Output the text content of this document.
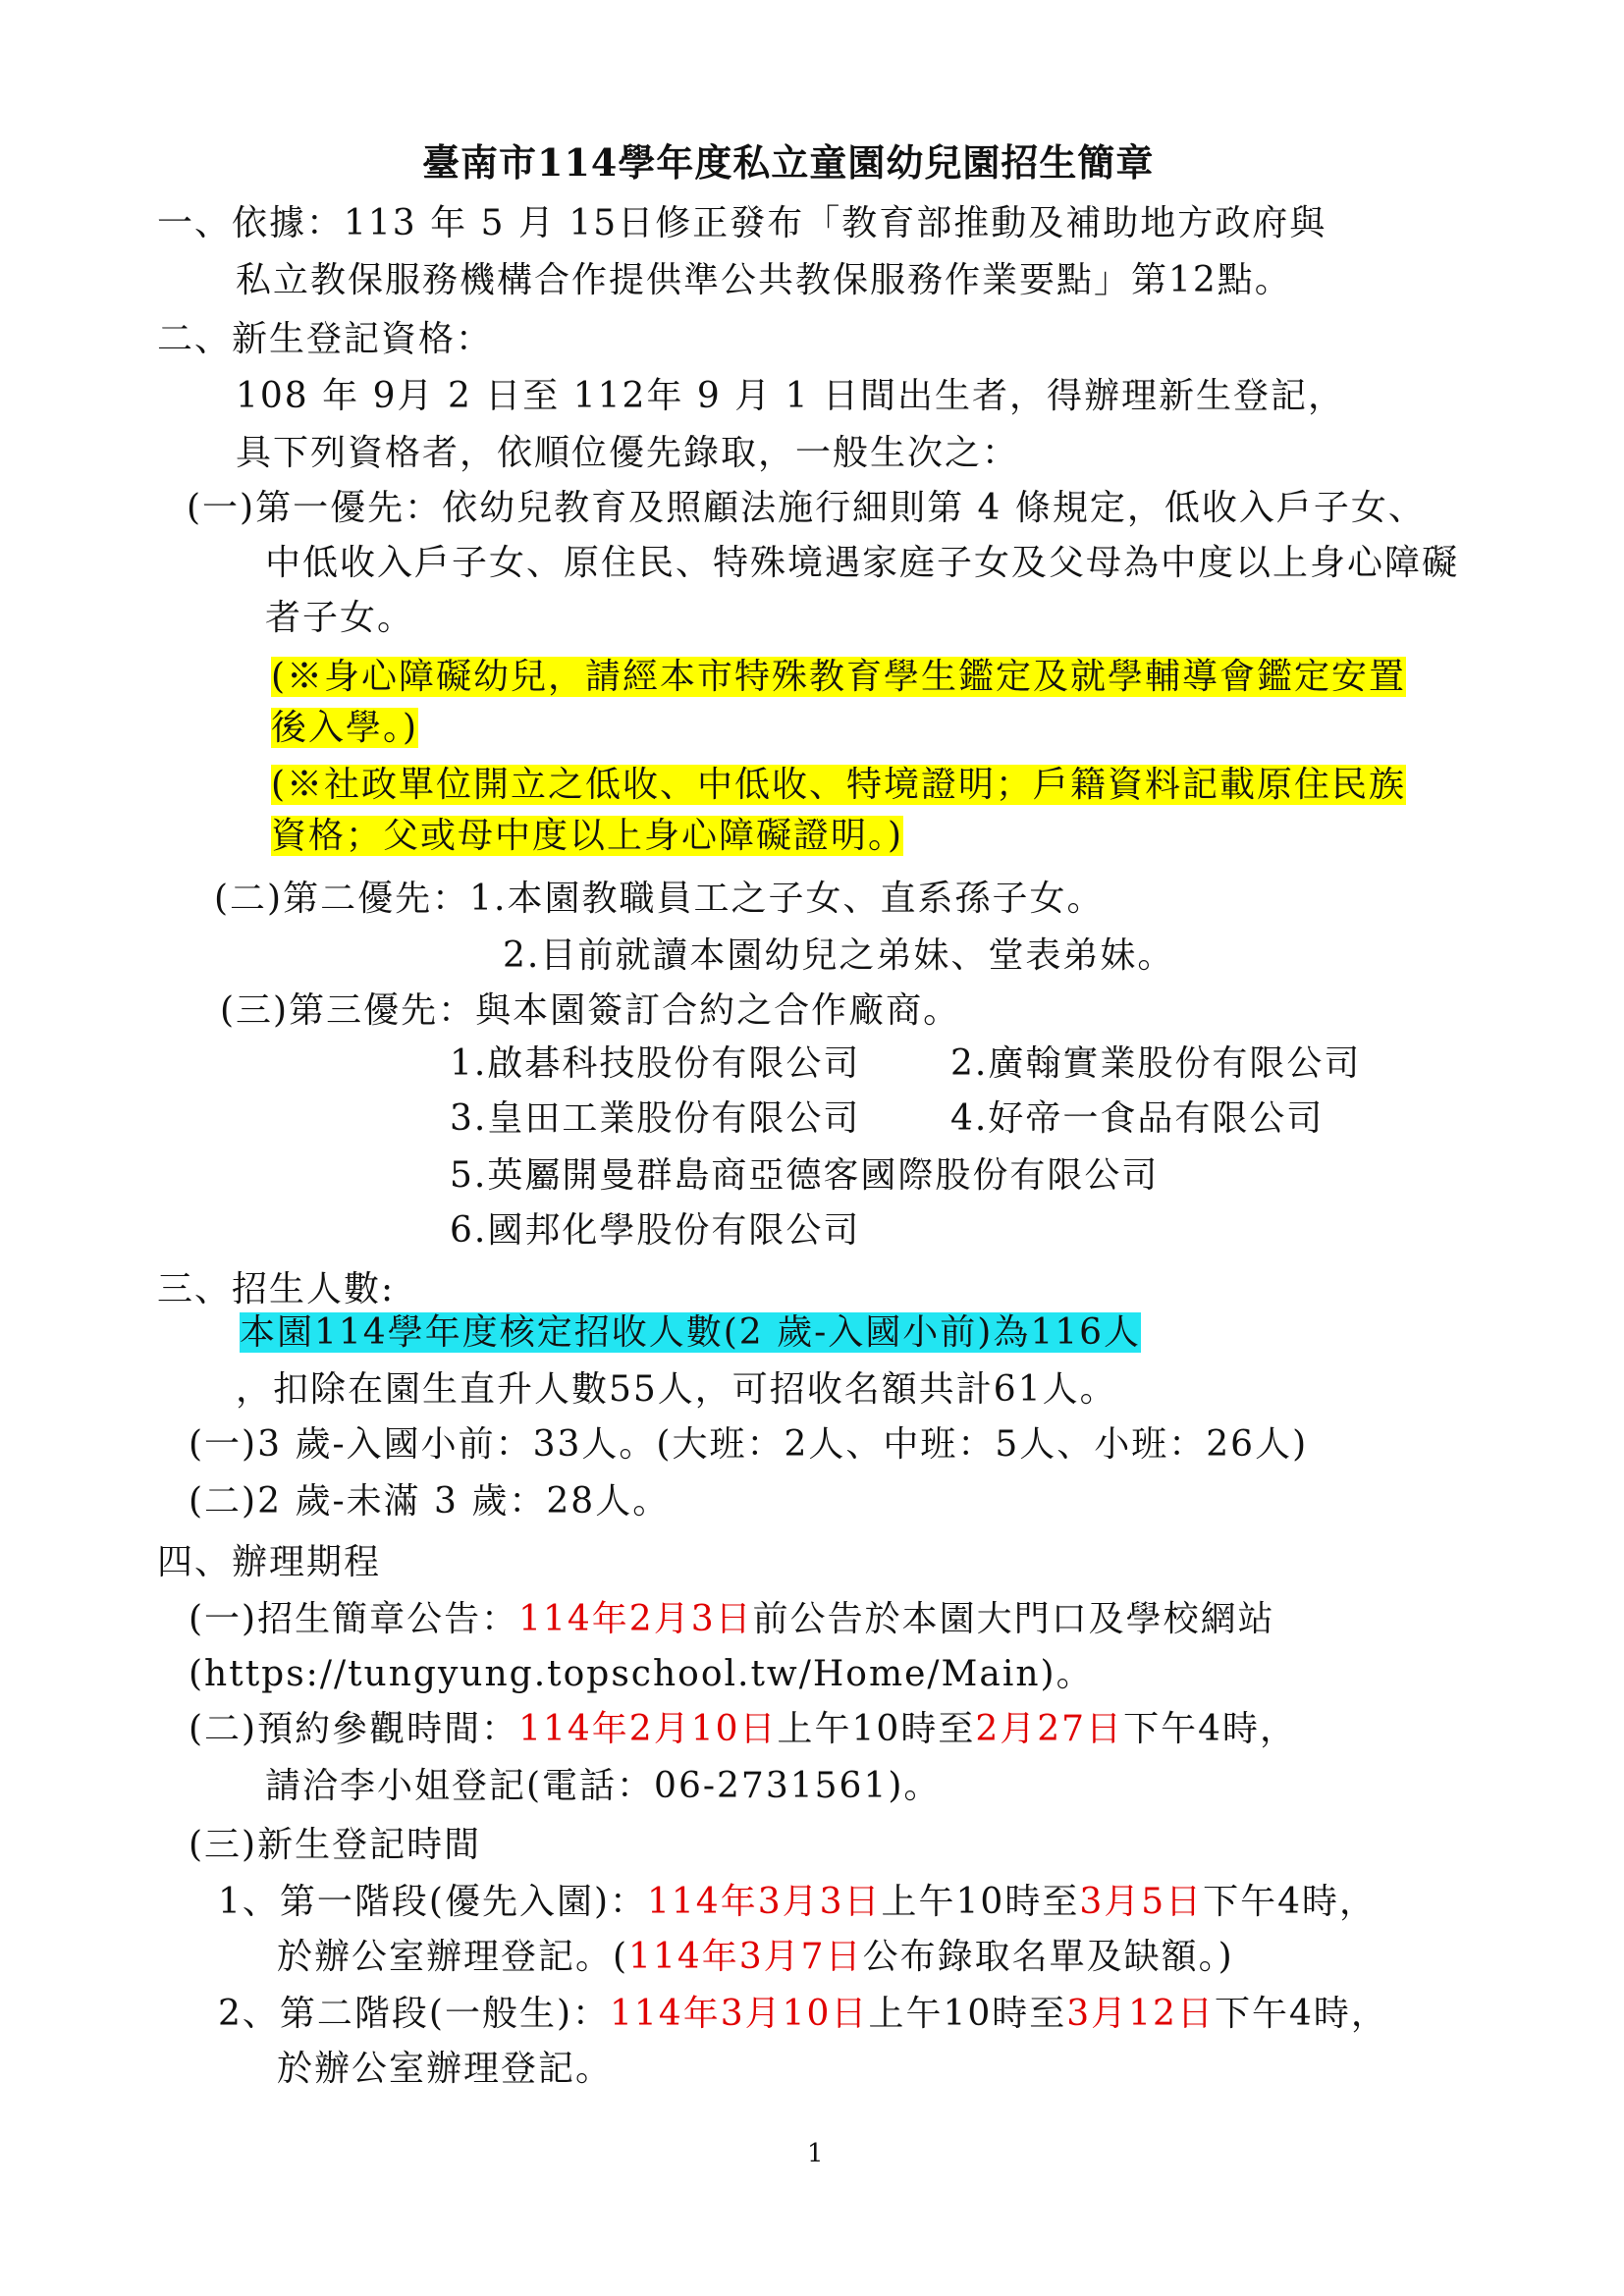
臺南市114學年度私立童園幼兒園招生簡章
一、依據：113 年 5 月 15日修正發布「教育部推動及補助地方政府與
私立教保服務機構合作提供準公共教保服務作業要點」第12點。
二、新生登記資格：
108 年 9月 2 日至 112年 9 月 1 日間出生者，得辦理新生登記，
具下列資格者，依順位優先錄取，一般生次之：
(一)第一優先：依幼兒教育及照顧法施行細則第 4 條規定，低收入戶子女、
中低收入戶子女、原住民、特殊境遇家庭子女及父母為中度以上身心障礙
者子女。
(※身心障礙幼兒，請經本市特殊教育學生鑑定及就學輔導會鑑定安置
後入學。)
(※社政單位開立之低收、中低收、特境證明；戶籍資料記載原住民族
資格；父或母中度以上身心障礙證明。)
(二)第二優先：1.本園教職員工之子女、直系孫子女。
2.目前就讀本園幼兒之弟妹、堂表弟妹。
(三)第三優先：與本園簽訂合約之合作廠商。
1.啟碁科技股份有限公司	2.廣翰實業股份有限公司
3.皇田工業股份有限公司	4.好帝一食品有限公司
5.英屬開曼群島商亞德客國際股份有限公司
6.國邦化學股份有限公司
三、招生人數:
本園114學年度核定招收人數(2 歲-入國小前)為116人
，扣除在園生直升人數55人，可招收名額共計61人。
(一)3 歲-入國小前：33人。(大班：2人、中班：5人、小班：26人)
(二)2 歲-未滿 3 歲：28人。
四、辦理期程
(一)招生簡章公告：114年2月3日前公告於本園大門口及學校網站
(https://tungyung.topschool.tw/Home/Main)。
(二)預約參觀時間：114年2月10日上午10時至2月27日下午4時，
請洽李小姐登記(電話：06-2731561)。
(三)新生登記時間
1、第一階段(優先入園)：114年3月3日上午10時至3月5日下午4時，
於辦公室辦理登記。(114年3月7日公布錄取名單及缺額。)
2、第二階段(一般生)：114年3月10日上午10時至3月12日下午4時，
於辦公室辦理登記。
1
